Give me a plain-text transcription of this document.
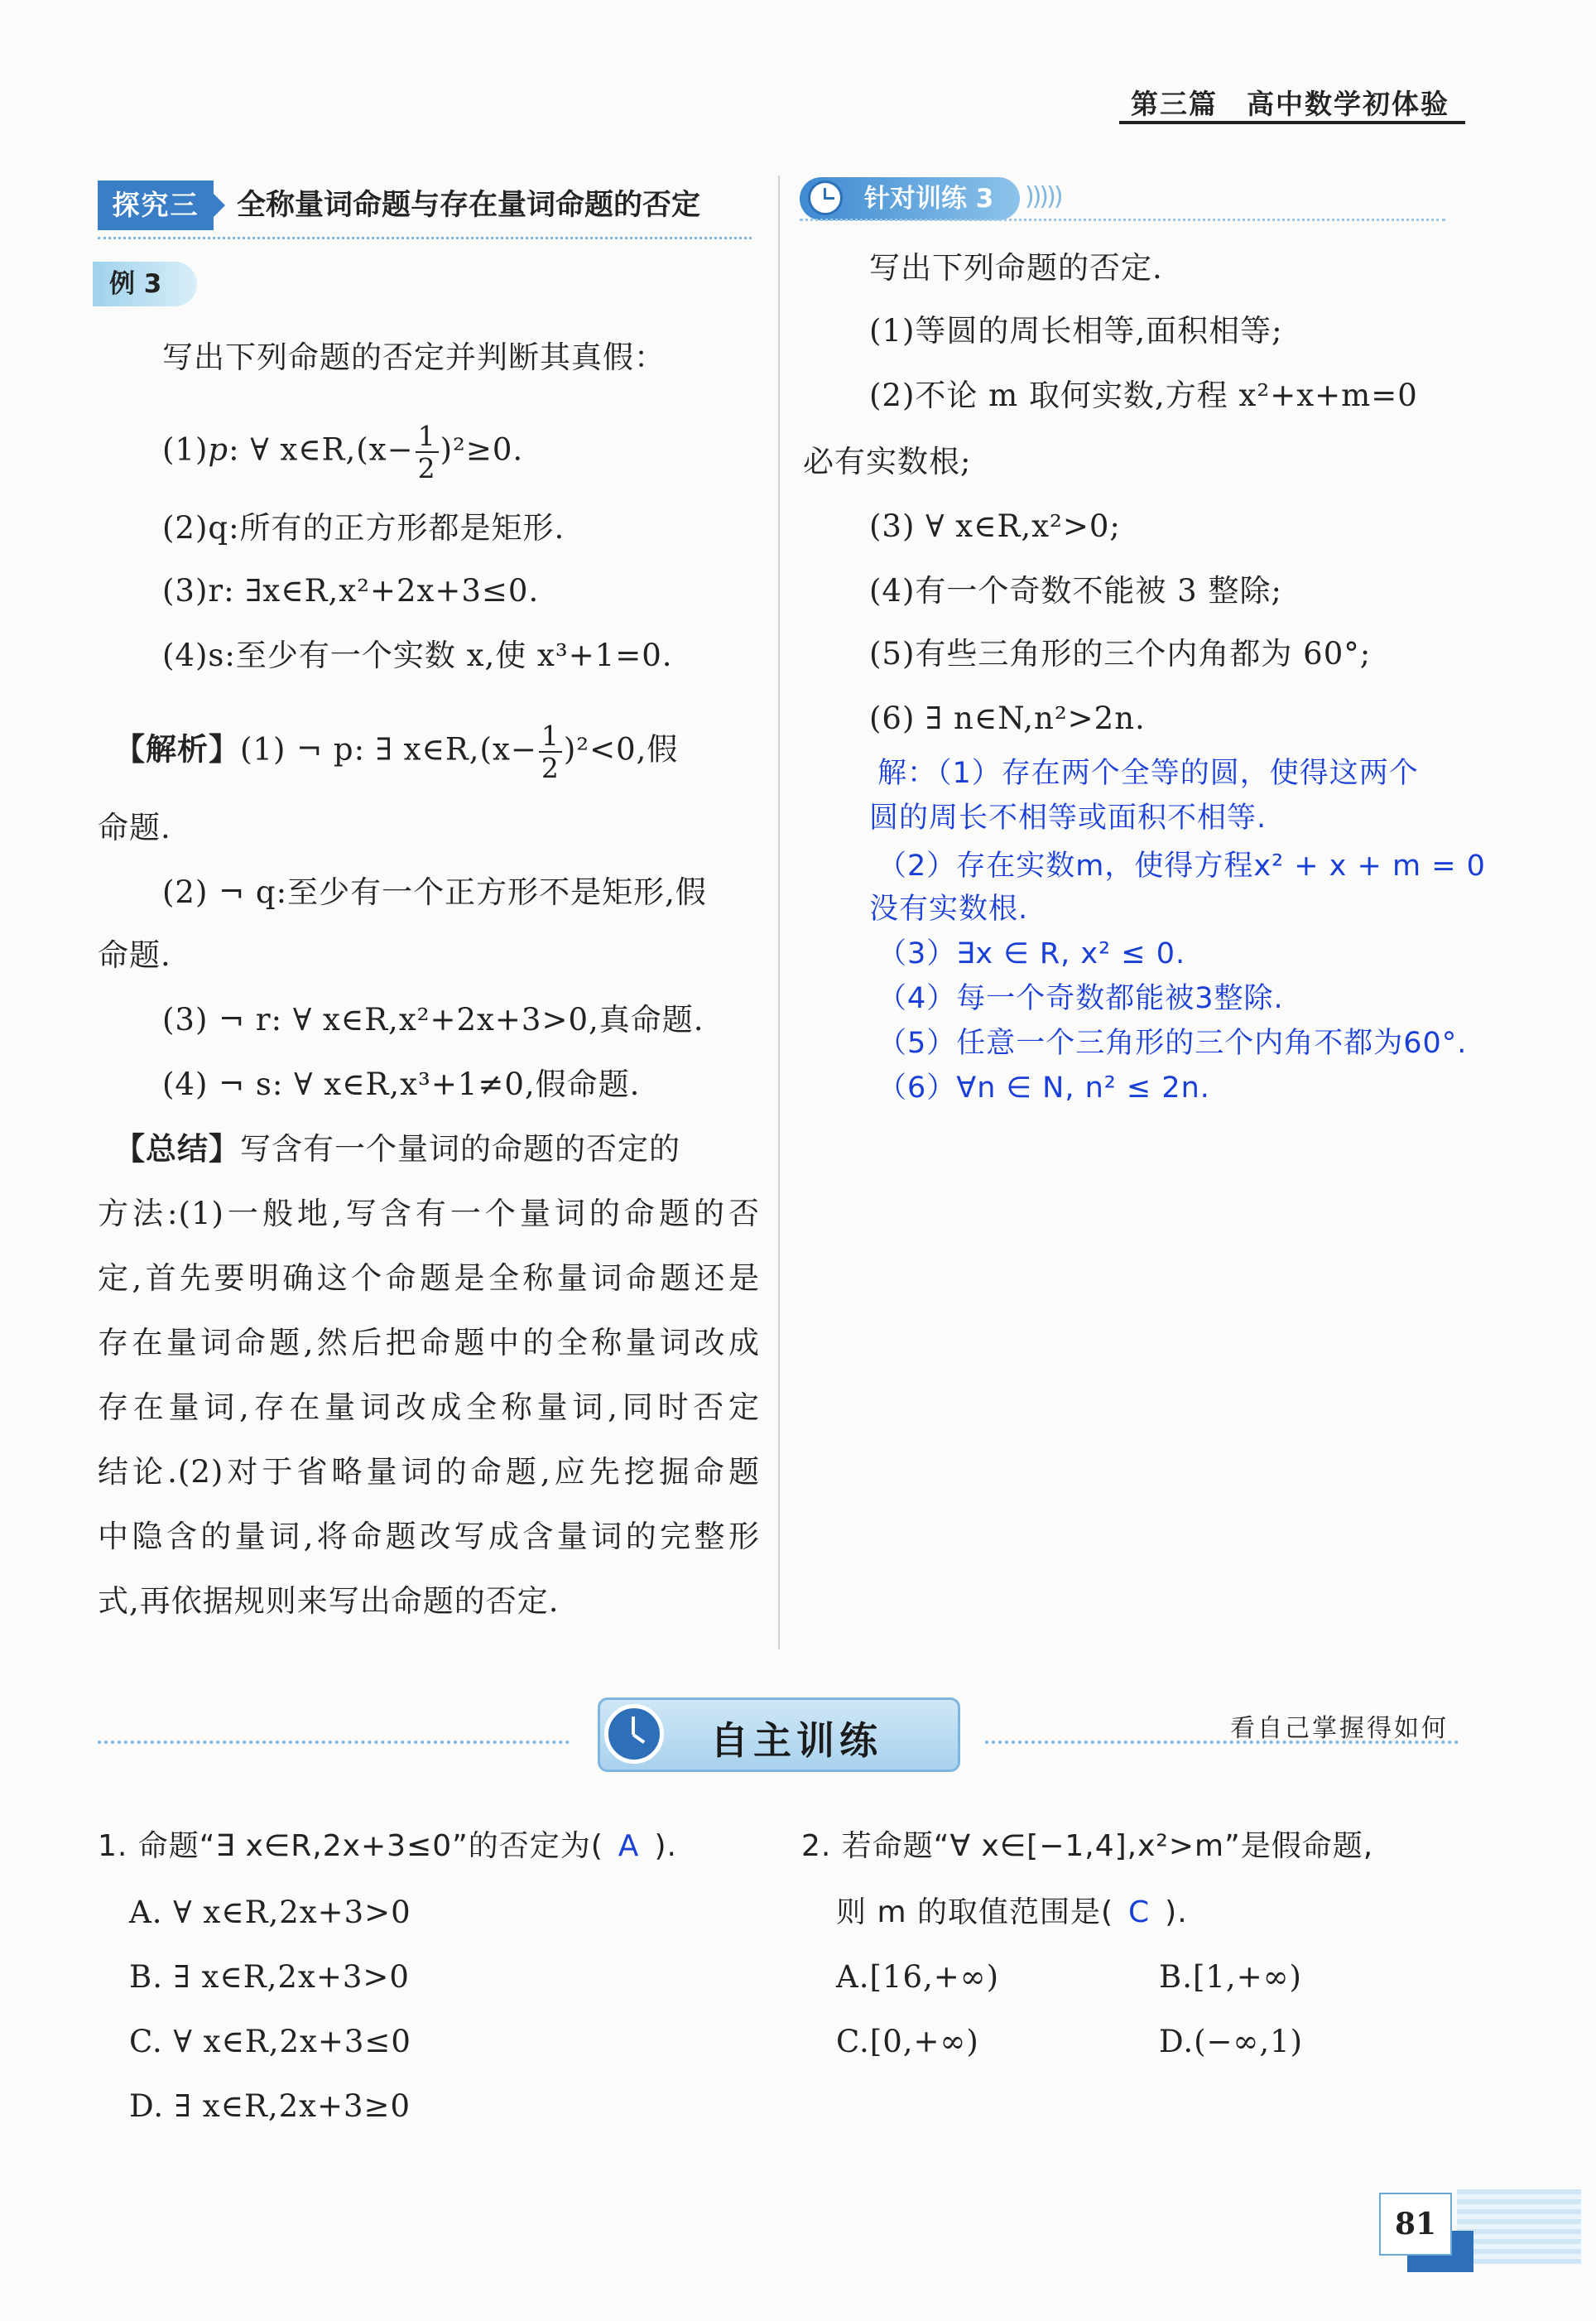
第三篇　高中数学初体验
探究三	全称量词命题与存在量词命题的否定
例 3
写出下列命题的否定并判断其真假：
(1)p: ∀ x∈R,(x− $\frac{1}{2} )^2\ge 0$.
(2)q:所有的正方形都是矩形.
(3)r: ∃x∈R,x²+2x+3≤0.
(4)s:至少有一个实数 x,使 x³+1=0.
【解析】(1) ¬ p: ∃ x∈R,(x− $\frac{1}{2} )^2<0$,假
命题.
(2) ¬ q:至少有一个正方形不是矩形,假
命题.
(3) ¬ r: ∀ x∈R,x²+2x+3>0,真命题.
(4) ¬ s: ∀ x∈R,x³+1≠0,假命题.
【总结】写含有一个量词的命题的否定的
方法:(1)一般地,写含有一个量词的命题的否
定,首先要明确这个命题是全称量词命题还是
存在量词命题,然后把命题中的全称量词改成
存在量词,存在量词改成全称量词,同时否定
结论.(2)对于省略量词的命题,应先挖掘命题
中隐含的量词,将命题改写成含量词的完整形
式,再依据规则来写出命题的否定.
针对训练 3	)))))
写出下列命题的否定.
(1)等圆的周长相等,面积相等;
(2)不论 m 取何实数,方程 x²+x+m=0
必有实数根;
(3) ∀ x∈R,x²>0;
(4)有一个奇数不能被 3 整除;
(5)有些三角形的三个内角都为 60°;
(6) ∃ n∈N,n²>2n.
解：（1）存在两个全等的圆，使得这两个
圆的周长不相等或面积不相等.
（2）存在实数m，使得方程x² + x + m = 0
没有实数根.
（3）∃x ∈ R, x² ≤ 0.
（4）每一个奇数都能被3整除.
（5）任意一个三角形的三个内角不都为60°.
（6）∀n ∈ N, n² ≤ 2n.
自主训练	看自己掌握得如何
1. 命题“∃ x∈R,2x+3≤0”的否定为( A ).
A. ∀ x∈R,2x+3>0
B. ∃ x∈R,2x+3>0
C. ∀ x∈R,2x+3≤0
D. ∃ x∈R,2x+3≥0
2. 若命题“∀ x∈[−1,4],x²>m”是假命题,
则 m 的取值范围是( C ).
A.[16,+∞)	B.[1,+∞)
C.[0,+∞)	D.(−∞,1)
81
